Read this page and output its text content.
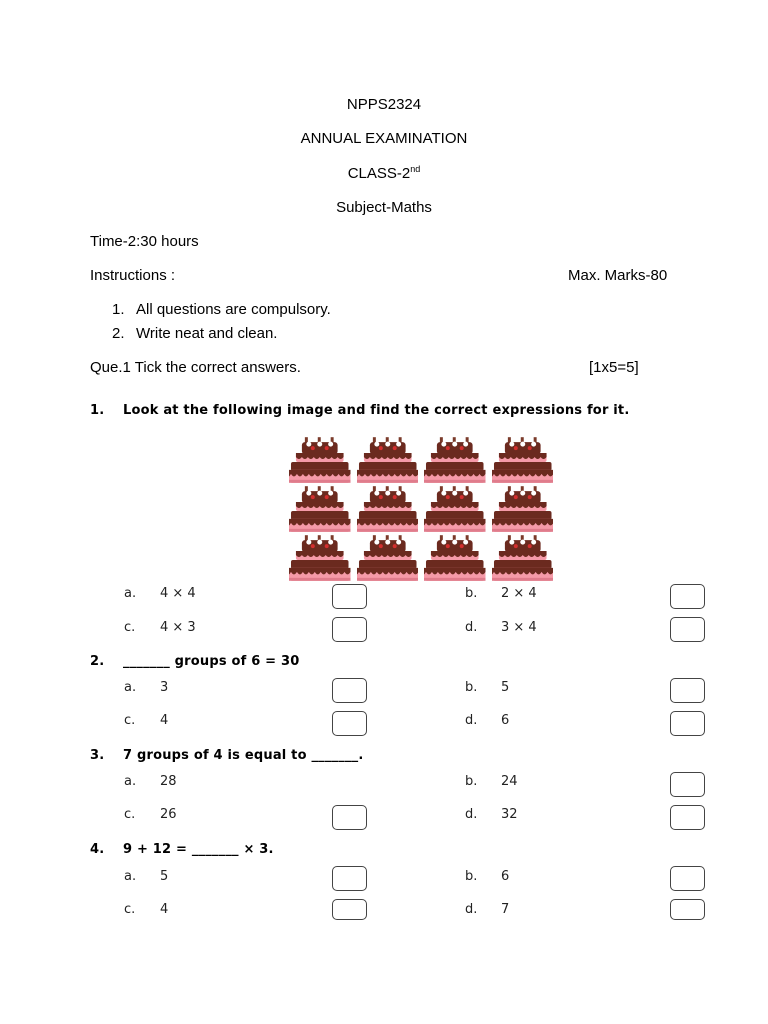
NPPS2324
ANNUAL EXAMINATION
CLASS-2nd
Subject-Maths
Time-2:30 hours
Instructions :	Max. Marks-80
1. All questions are compulsory.
2. Write neat and clean.
Que.1 Tick the correct answers.	[1x5=5]
1. Look at the following image and find the correct expressions for it.
a. 4 × 4	b. 2 × 4
c. 4 × 3	d. 3 × 4
2. _______ groups of 6 = 30
a. 3	b. 5
c. 4	d. 6
3. 7 groups of 4 is equal to _______.
a. 28	b. 24
c. 26	d. 32
4. 9 + 12 = _______ × 3.
a. 5	b. 6
c. 4	d. 7
